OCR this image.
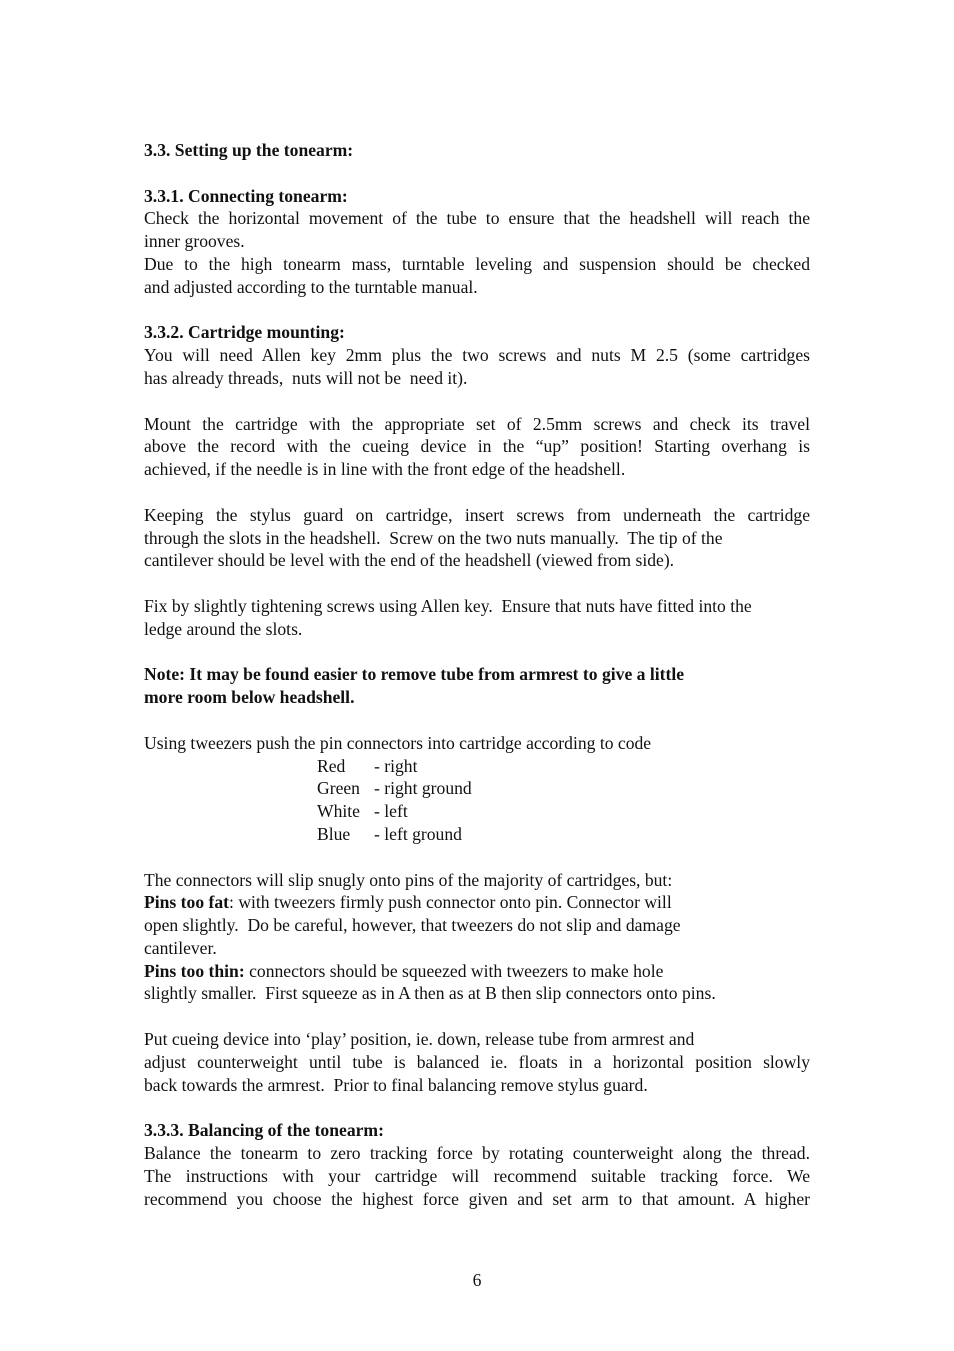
3.3. Setting up the tonearm:
3.3.1. Connecting tonearm:
Check the horizontal movement of the tube to ensure that the headshell will reach the
inner grooves.
Due to the high tonearm mass, turntable leveling and suspension should be checked
and adjusted according to the turntable manual.
3.3.2. Cartridge mounting:
You will need Allen key 2mm plus the two screws and nuts M 2.5 (some cartridges
has already threads,  nuts will not be  need it).
Mount the cartridge with the appropriate set of 2.5mm screws and check its travel
above the record with the cueing device in the “up” position! Starting overhang is
achieved, if the needle is in line with the front edge of the headshell.
Keeping the stylus guard on cartridge, insert screws from underneath the cartridge
through the slots in the headshell.  Screw on the two nuts manually.  The tip of the
cantilever should be level with the end of the headshell (viewed from side).
Fix by slightly tightening screws using Allen key.  Ensure that nuts have fitted into the
ledge around the slots.
Note: It may be found easier to remove tube from armrest to give a little
more room below headshell.
Using tweezers push the pin connectors into cartridge according to code
Red	- right
Green - right ground
White - left
Blue	- left ground
The connectors will slip snugly onto pins of the majority of cartridges, but:
Pins too fat: with tweezers firmly push connector onto pin. Connector will
open slightly.  Do be careful, however, that tweezers do not slip and damage
cantilever.
Pins too thin: connectors should be squeezed with tweezers to make hole
slightly smaller.  First squeeze as in A then as at B then slip connectors onto pins.
Put cueing device into ‘play’ position, ie. down, release tube from armrest and
adjust counterweight until tube is balanced ie. floats in a horizontal position slowly
back towards the armrest.  Prior to final balancing remove stylus guard.
3.3.3. Balancing of the tonearm:
Balance the tonearm to zero tracking force by rotating counterweight along the thread.
The instructions with your cartridge will recommend suitable tracking force. We
recommend you choose the highest force given and set arm to that amount. A higher
6
